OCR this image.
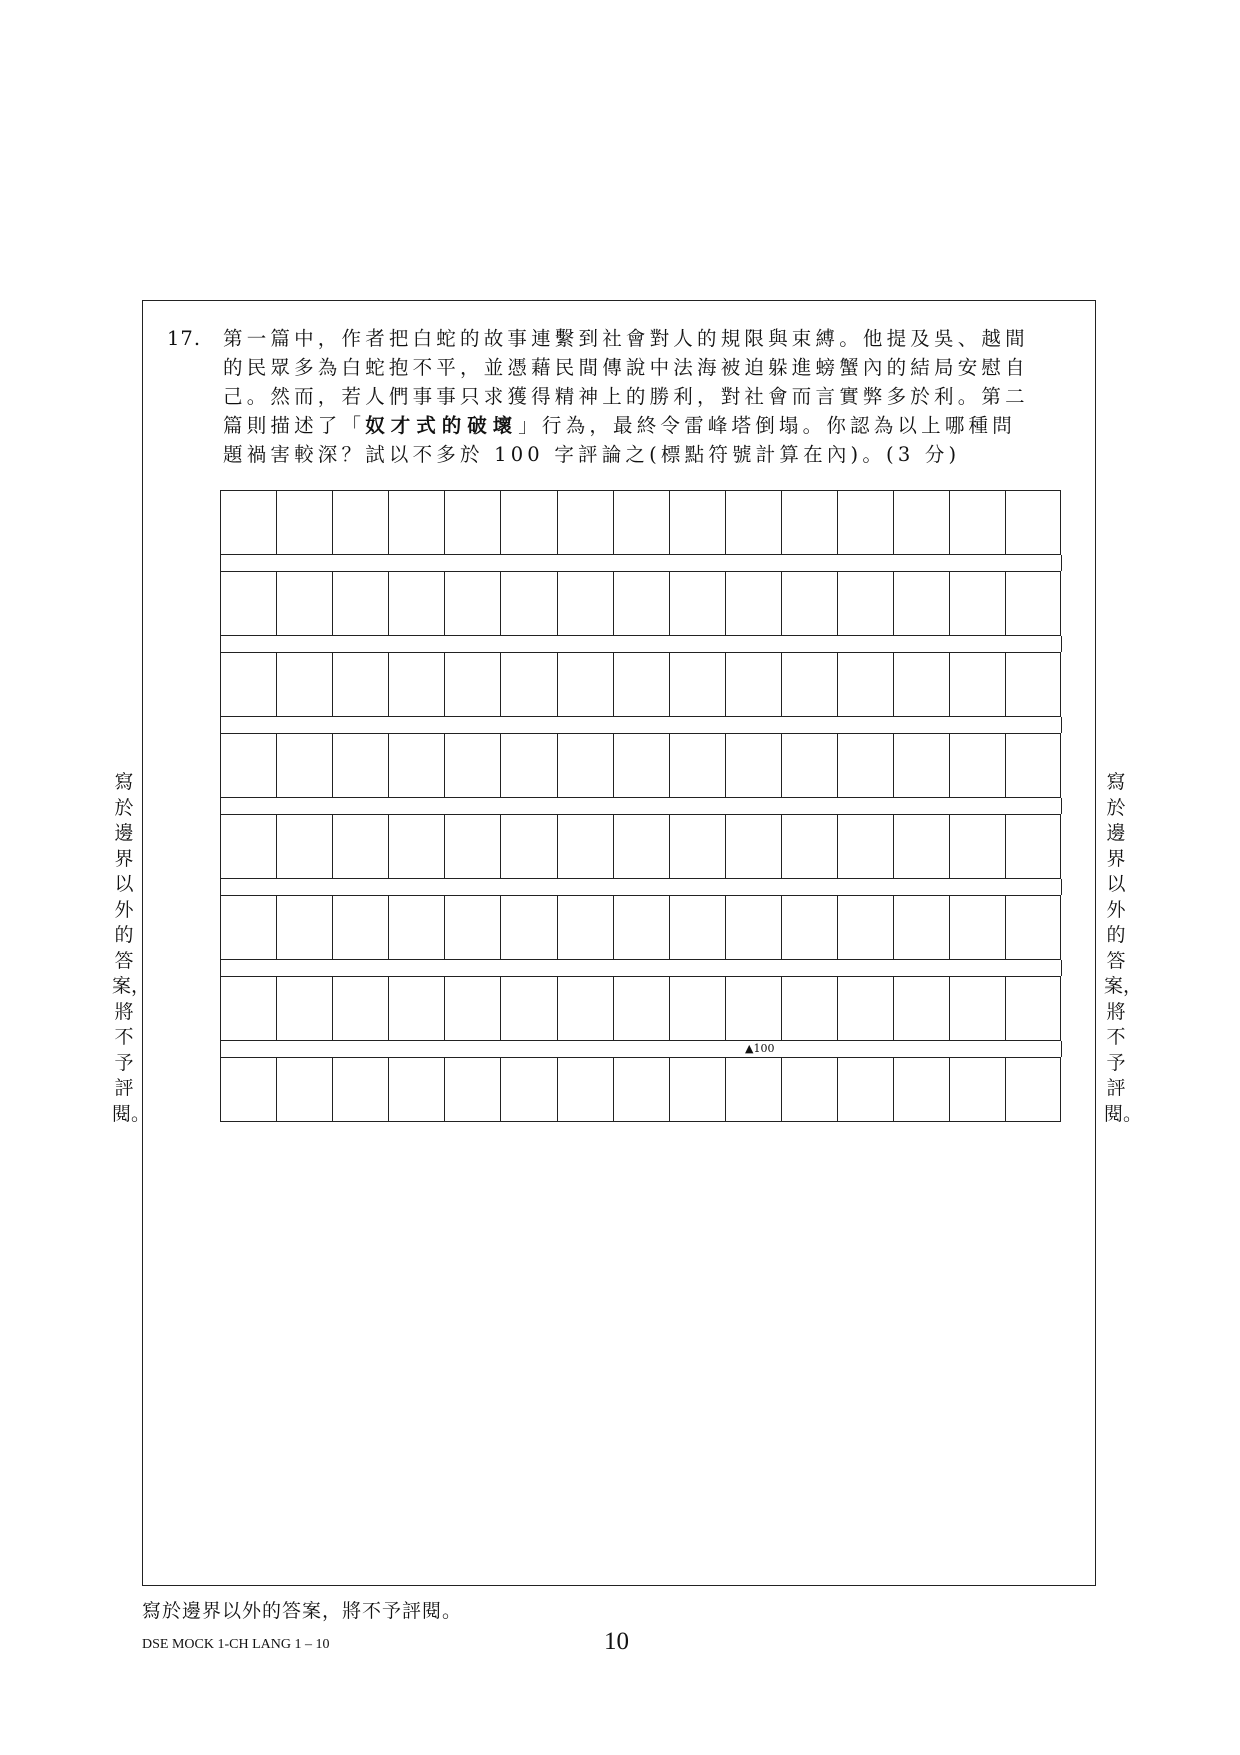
17. 第一篇中，作者把白蛇的故事連繫到社會對人的規限與束縛。他提及吳、越間
的民眾多為白蛇抱不平，並憑藉民間傳說中法海被迫躲進螃蟹內的結局安慰自
己。然而，若人們事事只求獲得精神上的勝利，對社會而言實弊多於利。第二
篇則描述了「奴才式的破壞」行為，最終令雷峰塔倒塌。你認為以上哪種問
題禍害較深？試以不多於 100 字評論之(標點符號計算在內)。(3 分)
▲100
寫於邊界以外的答案，將不予評閱。
寫於邊界以外的答案，將不予評閱。
寫於邊界以外的答案，將不予評閱。
DSE MOCK 1-CH LANG 1 – 10	10
